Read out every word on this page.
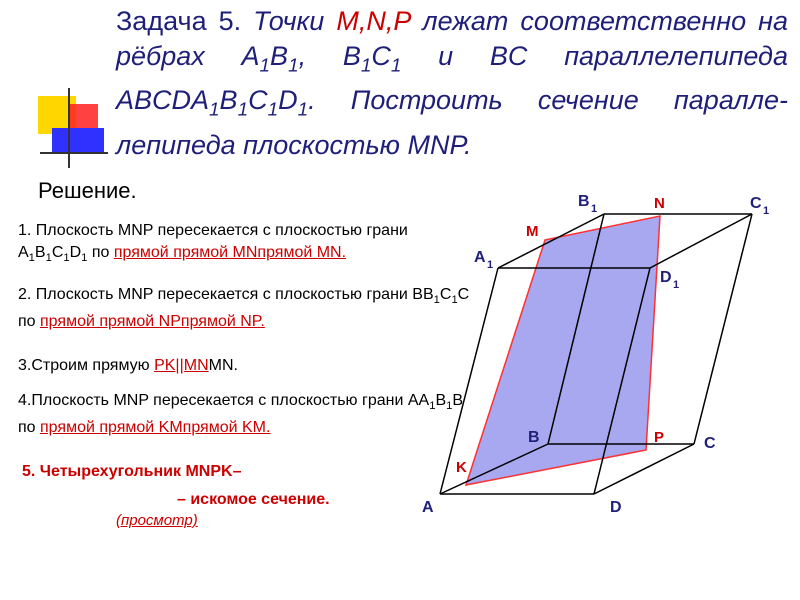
Задача 5. Точки M,N,P лежат соответственно на рёбрах $A_1B_1$, $B_1C_1$ и BC параллелепипеда $ABCDA_1B_1C_1D_1$. Построить сечение паралле-лепипеда плоскостью MNP.
Решение.
1. Плоскость MNP пересекается с плоскостью грани $A_1B_1C_1D_1$ по прямой прямой MNпрямой MN.
2. Плоскость MNP пересекается с плоскостью грани $BB_1C_1C$ по прямой прямой NPпрямой NP.
3.Строим прямую PK||MNMN.
4.Плоскость MNP пересекается с плоскостью грани $AA_1B_1B$ по прямой прямой KMпрямой KM.
5. Четырехугольник MNPK–
– искомое сечение.
(просмотр)
A
B	C
D
A 1
B 1	C 1
D 1
M
N
P
K
